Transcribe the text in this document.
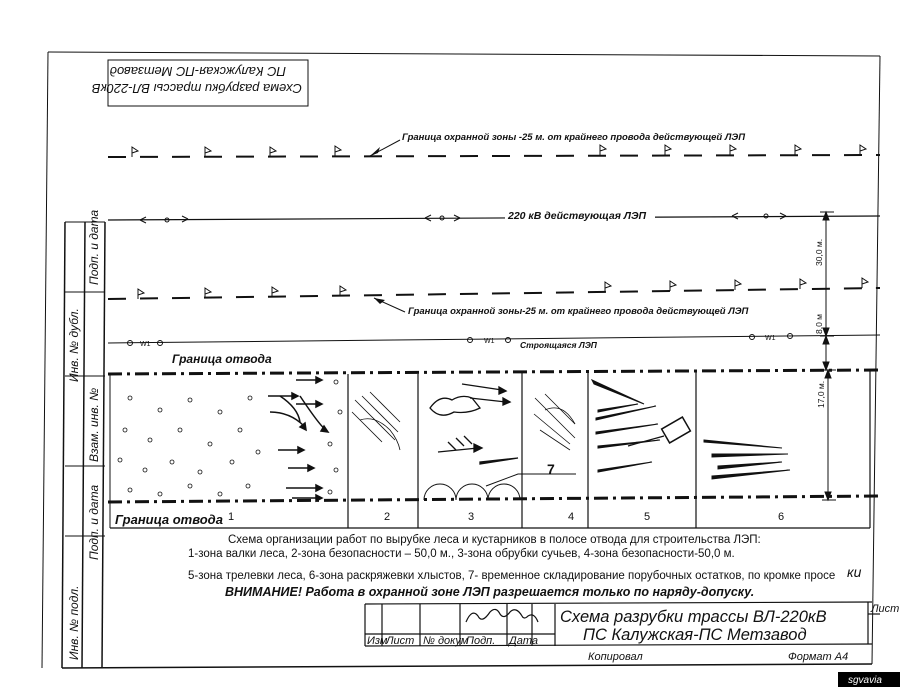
Инв. № подл.
Подп. и дата
Взам. инв. №
Инв. № дубл.
Подп. и дата
Схема разрубки трассы ВЛ-220кВ
ПС Калужская-ПС Метзавод
Граница охранной зоны -25 м. от крайнего провода действующей ЛЭП
220 кВ действующая ЛЭП
Граница охранной зоны-25 м. от крайнего провода действующей ЛЭП
W1	W1	W1
Строящаяся ЛЭП
30,0 м.
8,0 м
17,0 м.
Граница отвода
Граница отвода 1	2	3	4	5	6
7
Схема организации работ по вырубке леса и кустарников в полосе отвода для строительства ЛЭП:
1-зона валки леса, 2-зона безопасности – 50,0 м., 3-зона обрубки сучьев, 4-зона безопасности-50,0 м.
5-зона трелевки леса, 6-зона раскряжевки хлыстов, 7- временное складирование порубочных остатков, по кромке просе ки
ВНИМАНИЕ! Работа в охранной зоне ЛЭП разрешается только по наряду-допуску.
Изм
Лист № докум
Подп. Дата
Схема разрубки трассы ВЛ-220кВ
ПС Калужская-ПС Метзавод
Лист
Копировал	Формат А4
sgvavia
